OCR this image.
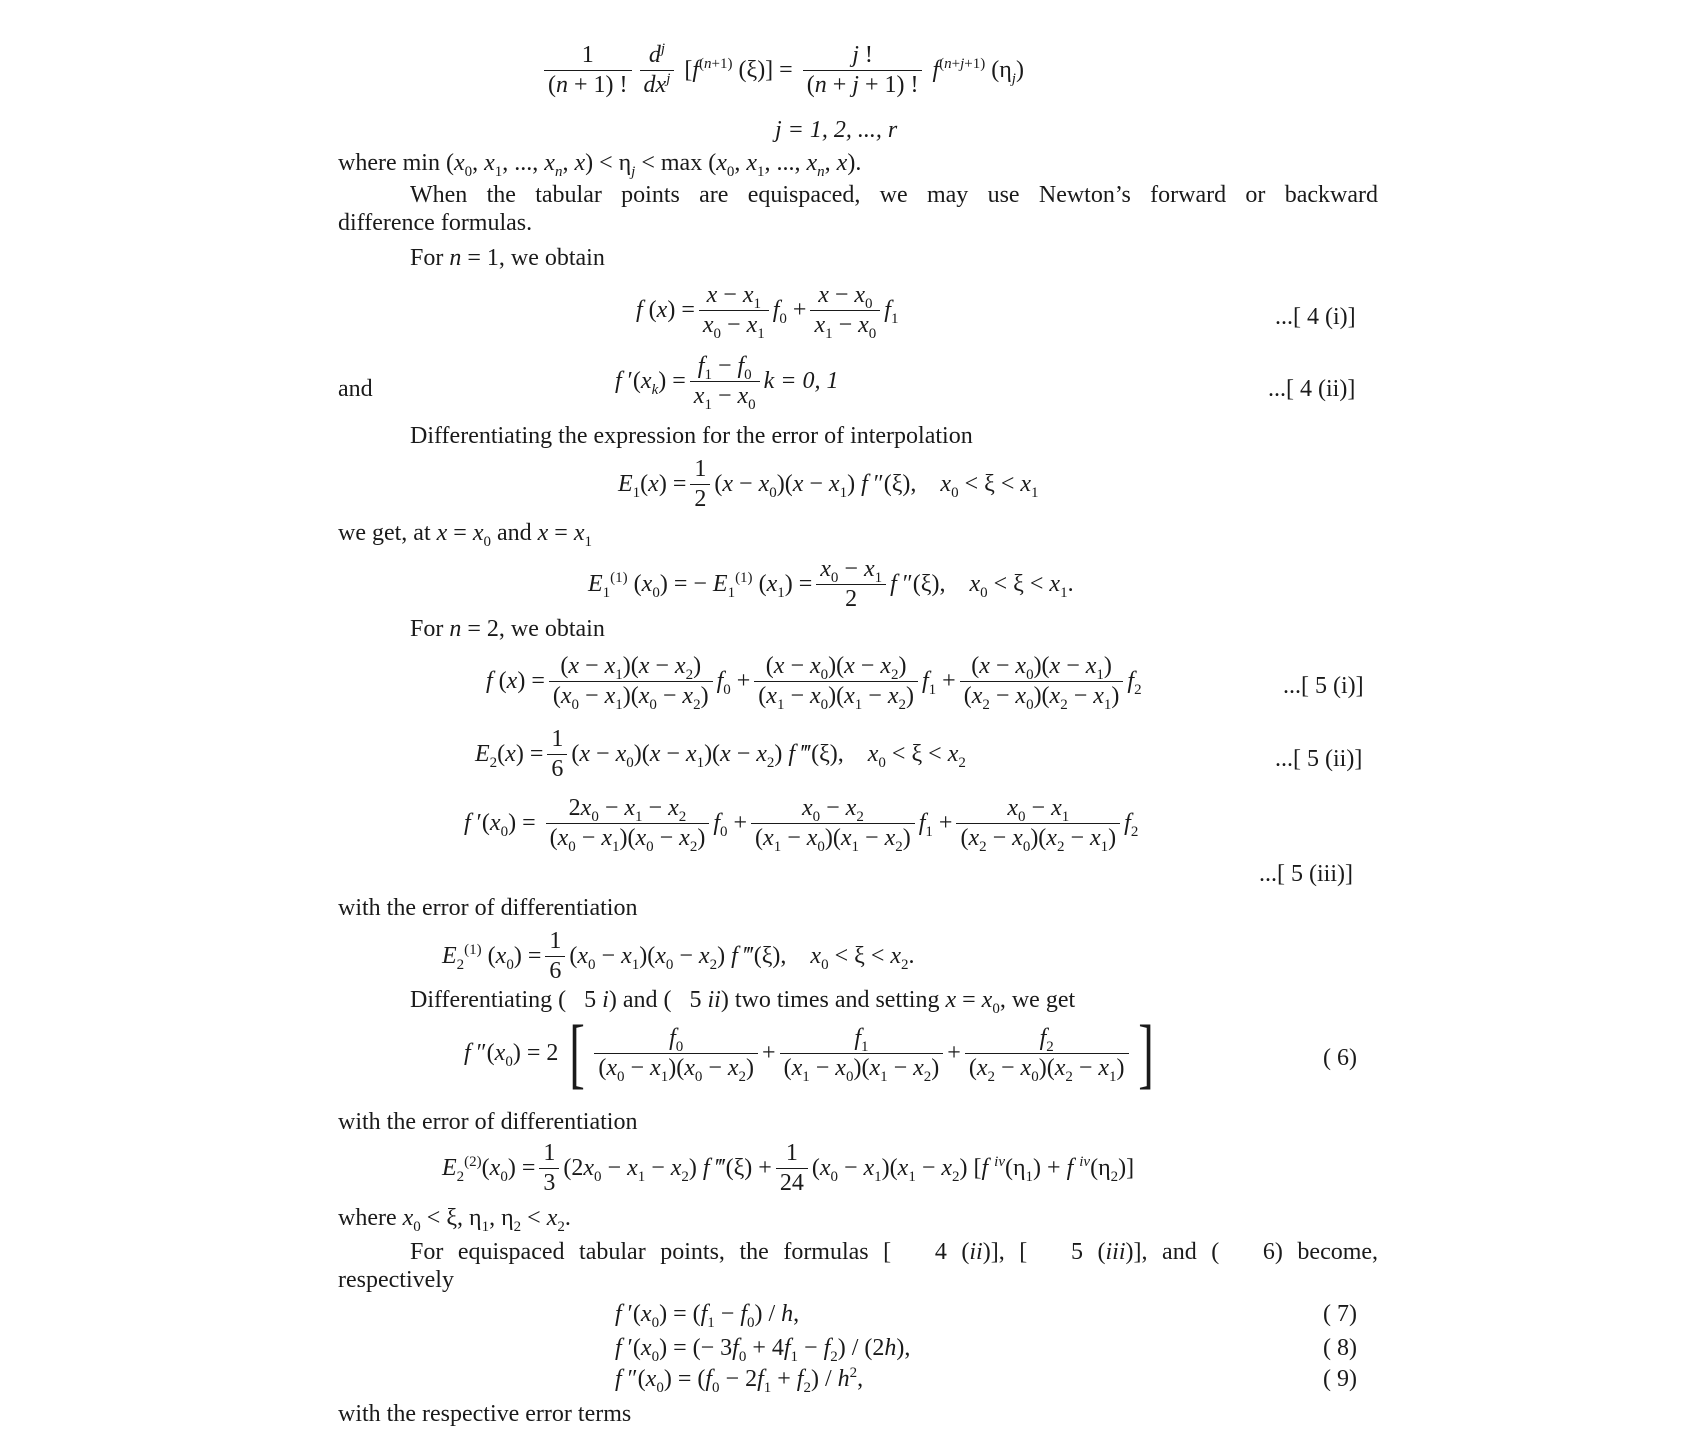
1
(n + 1) !
$d^j$
$dx^j$ [$f^{(n+1)}$ $(\xi)] = \frac{j !}{(n + j + 1) !} f^{(n+j+1)}$ $(\eta_j)$
j = 1, 2, ..., r
where $\min (x_0$, $x_1$, ..., $x_n$, $x) < \eta_j < \max (x_0$, $x_1$, ..., $x_n$, x).
When the tabular points are equispaced, we may use Newton’s forward or backward
difference formulas.
For n = 1, we obtain
f $(x) = \frac{x - x_1}{x_0 - x_1} f_0 + \frac{x - x_0}{x_1 - x_0} f_1$	...[ 4 (i)]
and	f $'(x_k) = \frac{f_1 - f_0}{x_1 - x_0}$ k = 0, 1	...[ 4 (ii)]
Differentiating the expression for the error of interpolation
$E_1(x) = \frac{1}{2} (x - x_0)(x - x_1)$ f ″(ξ),    $x_0 < \xi < x_1$
we get, at $x = x_0$ and $x = x_1$
$E_1^{(1)}$ $(x_0)$ = − $E_1^{(1)}$ $(x_1) = \frac{x_0 - x_1}{2}$ f ″(ξ),    $x_0 < \xi < x_1$.
For n = 2, we obtain
f $(x) = \frac{(x - x_1)(x - x_2)}{(x_0 - x_1)(x_0 - x_2)} f_0 + \frac{(x - x_0)(x - x_2)}{(x_1 - x_0)(x_1 - x_2)} f_1 + \frac{(x - x_0)(x - x_1)}{(x_2 - x_0)(x_2 - x_1)} f_2$	...[ 5 (i)]
$E_2(x) = \frac{1}{6} (x - x_0)(x - x_1)(x - x_2)$ f ‴(ξ),    $x_0 < \xi < x_2$	...[ 5 (ii)]
f $'(x_0) = \frac{2x_0 - x_1 - x_2}{(x_0 - x_1)(x_0 - x_2)} f_0 + \frac{x_0 - x_2}{(x_1 - x_0)(x_1 - x_2)} f_1 + \frac{x_0 - x_1}{(x_2 - x_0)(x_2 - x_1)} f_2$
...[ 5 (iii)]
with the error of differentiation
$E_2^{(1)}$ $(x_0) = \frac{1}{6} (x_0 - x_1)(x_0 - x_2)$ f ‴(ξ),    $x_0 < \xi < x_2$.
Differentiating ( 5 i) and ( 5 ii) two times and setting $x = x_0$, we get
f $''(x_0) = 2$ [	$f_0$
$(x_0 - x_1)(x_0 - x_2)$
+ $\frac{f_1}{(x_1 - x_0)(x_1 - x_2)} + \frac{f_2}{(x_2 - x_0)(x_2 - x_1)}$ ]	( 6)
with the error of differentiation
$E_2^{(2)}(x_0) = \frac{1}{3} (2x_0 - x_1 - x_2)$ f ‴(ξ) + $\frac{1}{24} (x_0 - x_1)(x_1 - x_2)$ [f $^{iv}(\eta_1) + f$ $^{iv}(\eta_2)$]
where $x_0 < \xi$, $\eta_1$, $\eta_2 < x_2$.
For equispaced tabular points, the formulas [ 4 (ii)], [ 5 (iii)], and ( 6) become,
respectively
f $'(x_0) = (f_1 - f_0) / h$,	( 7)
f $'(x_0)$ = (− $3f_0 + 4f_1 - f_2) / (2h)$,	( 8)
f $''(x_0) = (f_0 - 2f_1 + f_2) / h^2$,	( 9)
with the respective error terms
